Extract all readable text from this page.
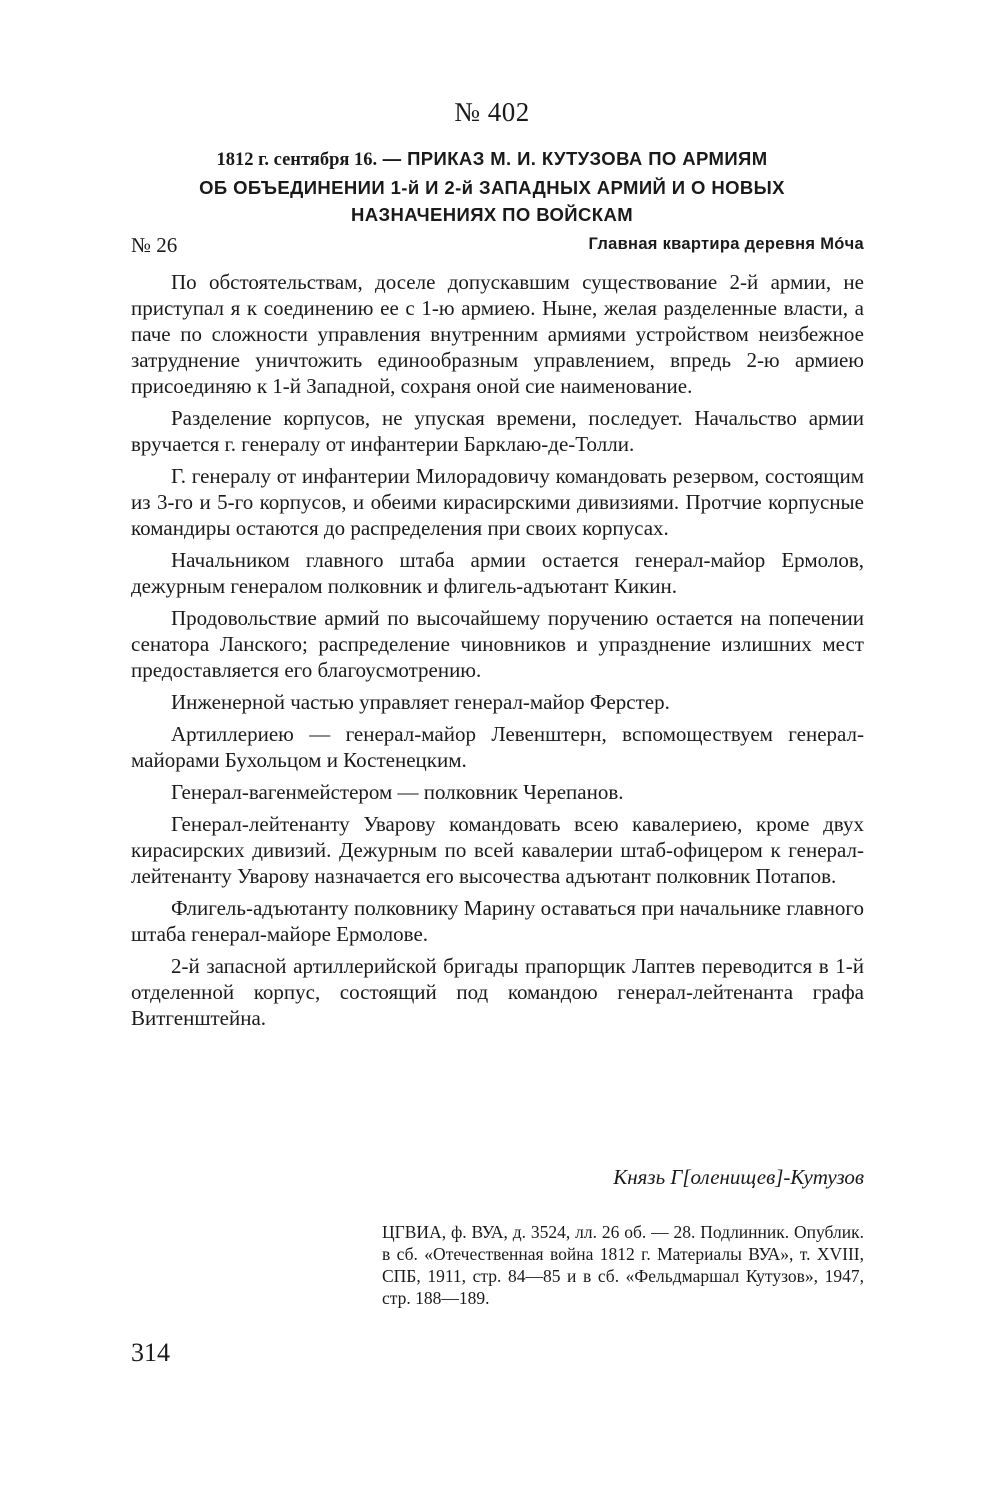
№ 402
1812 г. сентября 16. — ПРИКАЗ М. И. КУТУЗОВА ПО АРМИЯМ
ОБ ОБЪЕДИНЕНИИ 1-й И 2-й ЗАПАДНЫХ АРМИЙ И О НОВЫХ
НАЗНАЧЕНИЯХ ПО ВОЙСКАМ
№ 26	Главная квартира деревня Мóча

По обстоятельствам, доселе допускавшим существование 2-й армии, не приступал я к соединению ее с 1-ю армиею. Ныне, желая разделенные власти, а паче по сложности управления внутренним армиями устройством неизбежное затруднение уничтожить единообразным управлением, впредь 2-ю армиею присоединяю к 1-й Западной, сохраня оной сие наименование.

Разделение корпусов, не упуская времени, последует. Начальство армии вручается г. генералу от инфантерии Барклаю-де-Толли.

Г. генералу от инфантерии Милорадовичу командовать резервом, состоящим из 3-го и 5-го корпусов, и обеими кирасирскими дивизиями. Протчие корпусные командиры остаются до распределения при своих корпусах.

Начальником главного штаба армии остается генерал-майор Ермолов, дежурным генералом полковник и флигель-адъютант Кикин.

Продовольствие армий по высочайшему поручению остается на попечении сенатора Ланского; распределение чиновников и упразднение излишних мест предоставляется его благоусмотрению.

Инженерной частью управляет генерал-майор Ферстер.

Артиллериею — генерал-майор Левенштерн, вспомоществуем генерал-майорами Бухольцом и Костенецким.

Генерал-вагенмейстером — полковник Черепанов.

Генерал-лейтенанту Уварову командовать всею кавалериею, кроме двух кирасирских дивизий. Дежурным по всей кавалерии штаб-офицером к генерал-лейтенанту Уварову назначается его высочества адъютант полковник Потапов.

Флигель-адъютанту полковнику Марину оставаться при начальнике главного штаба генерал-майоре Ермолове.

2-й запасной артиллерийской бригады прапорщик Лаптев переводится в 1-й отделенной корпус, состоящий под командою генерал-лейтенанта графа Витгенштейна.

Князь Г[оленищев]-Кутузов
ЦГВИА, ф. ВУА, д. 3524, лл. 26 об. — 28. Подлинник. Опублик. в сб. «Отечественная война 1812 г. Материалы ВУА», т. XVIII, СПБ, 1911, стр. 84—85 и в сб. «Фельдмаршал Кутузов», 1947, стр. 188—189.
314
